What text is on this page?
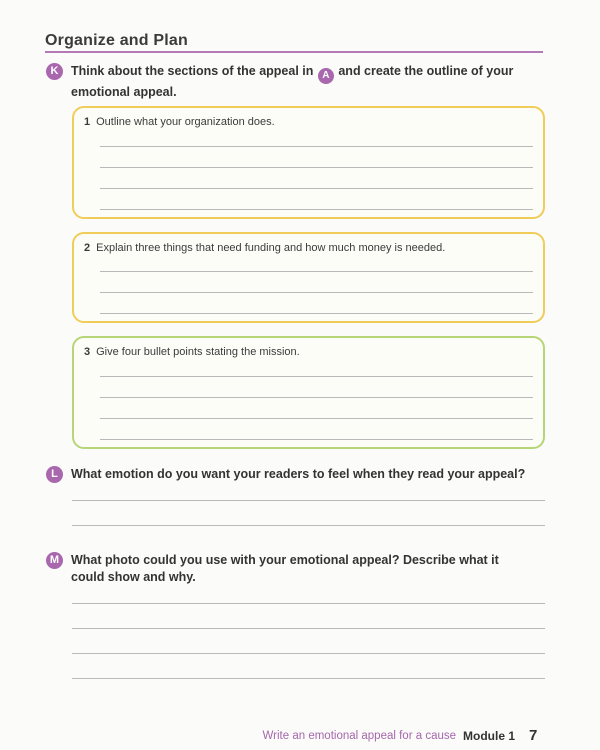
Organize and Plan
K	Think about the sections of the appeal in A and create the outline of your
emotional appeal.
1 Outline what your organization does.
2 Explain three things that need funding and how much money is needed.
3 Give four bullet points stating the mission.
L	What emotion do you want your readers to feel when they read your appeal?
M What photo could you use with your emotional appeal? Describe what it
could show and why.
Write an emotional appeal for a cause Module 1 7
